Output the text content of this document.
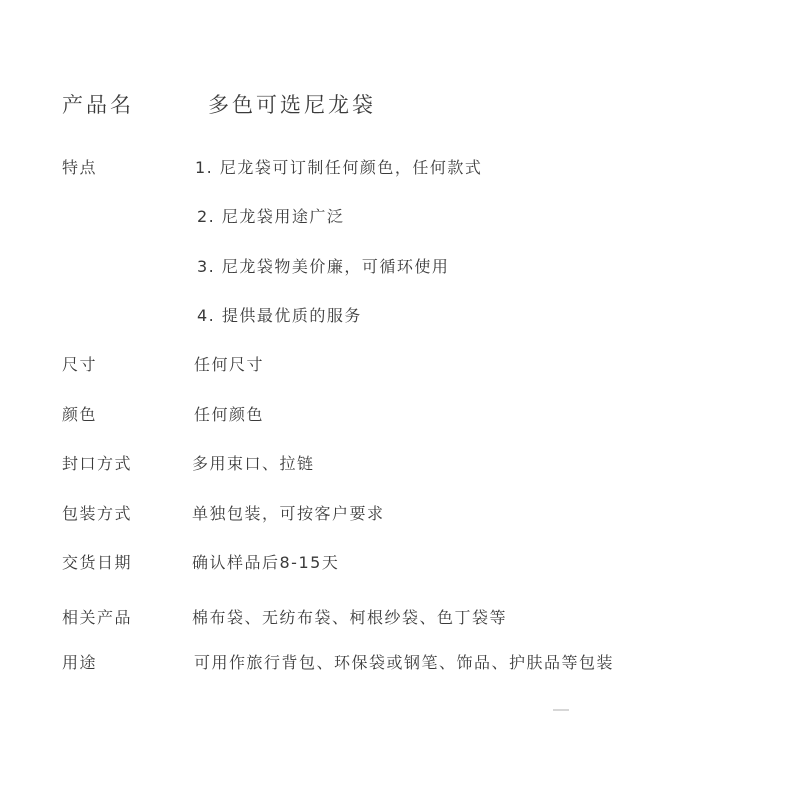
产品名	多色可选尼龙袋
特点	1. 尼龙袋可订制任何颜色，任何款式
2. 尼龙袋用途广泛
3. 尼龙袋物美价廉，可循环使用
4. 提供最优质的服务
尺寸	任何尺寸
颜色	任何颜色
封口方式	多用束口、拉链
包装方式	单独包装，可按客户要求
交货日期	确认样品后8-15天
相关产品	棉布袋、无纺布袋、柯根纱袋、色丁袋等
用途	可用作旅行背包、环保袋或钢笔、饰品、护肤品等包装
